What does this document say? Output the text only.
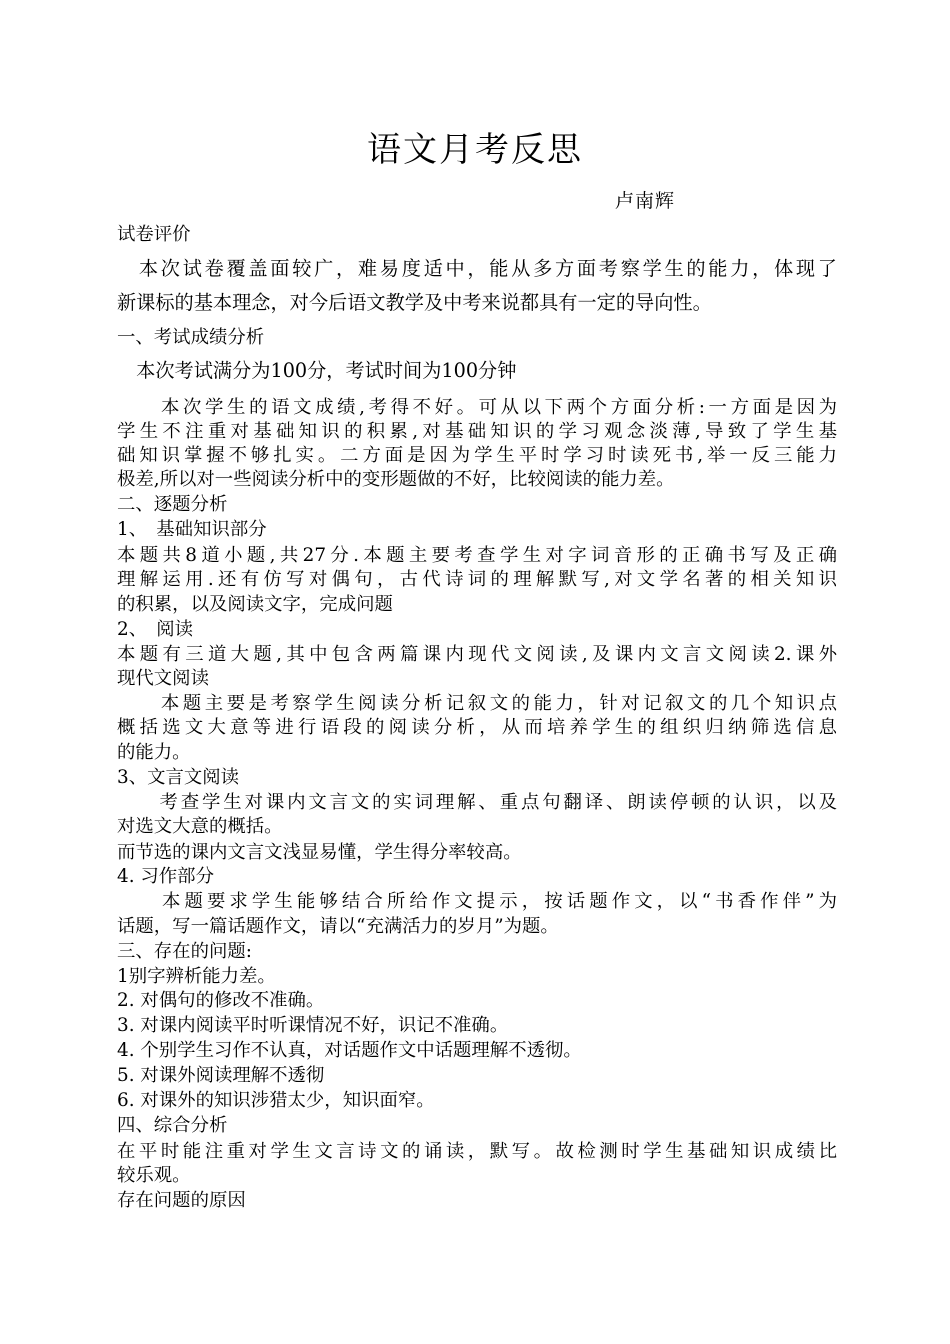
语文月考反思
卢南辉
试卷评价
　本次试卷覆盖面较广，难易度适中，能从多方面考察学生的能力，体现了
新课标的基本理念，对今后语文教学及中考来说都具有一定的导向性。
一、考试成绩分析
　本次考试满分为100分，考试时间为100分钟
　　本次学生的语文成绩,考得不好。可从以下两个方面分析:一方面是因为
学生不注重对基础知识的积累,对基础知识的学习观念淡薄,导致了学生基
础知识掌握不够扎实。二方面是因为学生平时学习时读死书,举一反三能力
极差,所以对一些阅读分析中的变形题做的不好，比较阅读的能力差。
二、逐题分析
1、　基础知识部分
本题共8道小题,共27分.本题主要考查学生对字词音形的正确书写及正确
理解运用.还有仿写对偶句，古代诗词的理解默写,对文学名著的相关知识
的积累，以及阅读文字，完成问题
2、　阅读
本题有三道大题,其中包含两篇课内现代文阅读,及课内文言文阅读2.课外
现代文阅读
　　本题主要是考察学生阅读分析记叙文的能力，针对记叙文的几个知识点
概括选文大意等进行语段的阅读分析，从而培养学生的组织归纳筛选信息
的能力。
3、文言文阅读
　　考查学生对课内文言文的实词理解、重点句翻译、朗读停顿的认识，以及
对选文大意的概括。
而节选的课内文言文浅显易懂，学生得分率较高。
4. 习作部分
　　本题要求学生能够结合所给作文提示，按话题作文，以“书香作伴”为
话题，写一篇话题作文，请以“充满活力的岁月”为题。
三、存在的问题:
1别字辨析能力差。
2. 对偶句的修改不准确。
3. 对课内阅读平时听课情况不好，识记不准确。
4. 个别学生习作不认真，对话题作文中话题理解不透彻。
5. 对课外阅读理解不透彻
6. 对课外的知识涉猎太少，知识面窄。
四、综合分析
在平时能注重对学生文言诗文的诵读，默写。故检测时学生基础知识成绩比
较乐观。
存在问题的原因
